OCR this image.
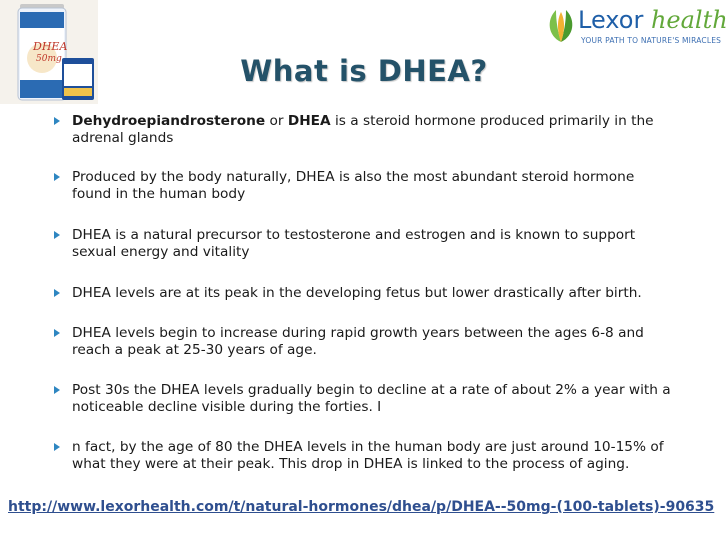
DHEA
50mg
Lexor health
YOUR PATH TO NATURE'S MIRACLES
What is DHEA?
Dehydroepiandrosterone or DHEA is a steroid hormone produced primarily in the
adrenal glands
Produced by the body naturally, DHEA is also the most abundant steroid hormone
found in the human body
DHEA is a natural precursor to testosterone and estrogen and is known to support
sexual energy and vitality
DHEA levels are at its peak in the developing fetus but lower drastically after birth.
DHEA levels begin to increase during rapid growth years between the ages 6-8 and
reach a peak at 25-30 years of age.
Post 30s the DHEA levels gradually begin to decline at a rate of about 2% a year with a
noticeable decline visible during the forties. I
n fact, by the age of 80 the DHEA levels in the human body are just around 10-15% of
what they were at their peak. This drop in DHEA is linked to the process of aging.
http://www.lexorhealth.com/t/natural-hormones/dhea/p/DHEA--50mg-(100-tablets)-90635
